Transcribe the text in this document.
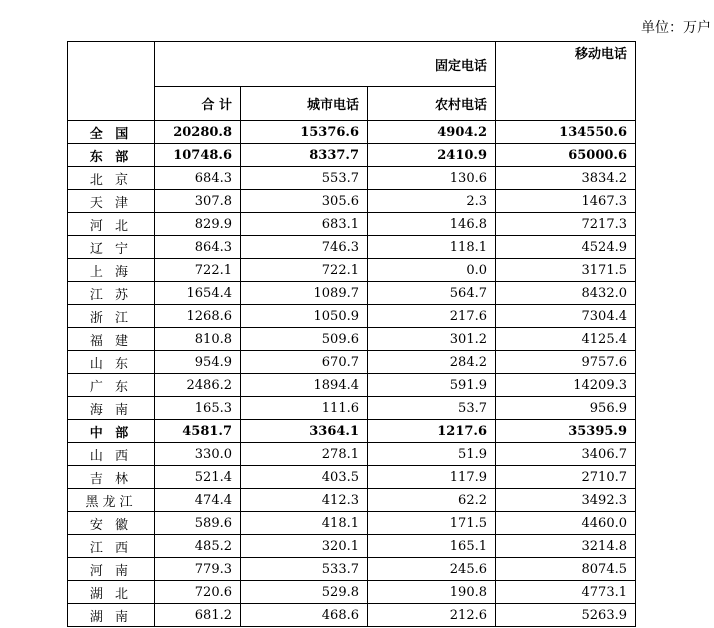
单位：万户
	固定电话			移动电话
	合 计	城市电话	农村电话	
全 国	20280.8	15376.6	4904.2	134550.6
东 部	10748.6	8337.7	2410.9	65000.6
北 京	684.3	553.7	130.6	3834.2
天 津	307.8	305.6	2.3	1467.3
河 北	829.9	683.1	146.8	7217.3
辽 宁	864.3	746.3	118.1	4524.9
上 海	722.1	722.1	0.0	3171.5
江 苏	1654.4	1089.7	564.7	8432.0
浙 江	1268.6	1050.9	217.6	7304.4
福 建	810.8	509.6	301.2	4125.4
山 东	954.9	670.7	284.2	9757.6
广 东	2486.2	1894.4	591.9	14209.3
海 南	165.3	111.6	53.7	956.9
中 部	4581.7	3364.1	1217.6	35395.9
山 西	330.0	278.1	51.9	3406.7
吉 林	521.4	403.5	117.9	2710.7
黑龙江	474.4	412.3	62.2	3492.3
安 徽	589.6	418.1	171.5	4460.0
江 西	485.2	320.1	165.1	3214.8
河 南	779.3	533.7	245.6	8074.5
湖 北	720.6	529.8	190.8	4773.1
湖 南	681.2	468.6	212.6	5263.9
